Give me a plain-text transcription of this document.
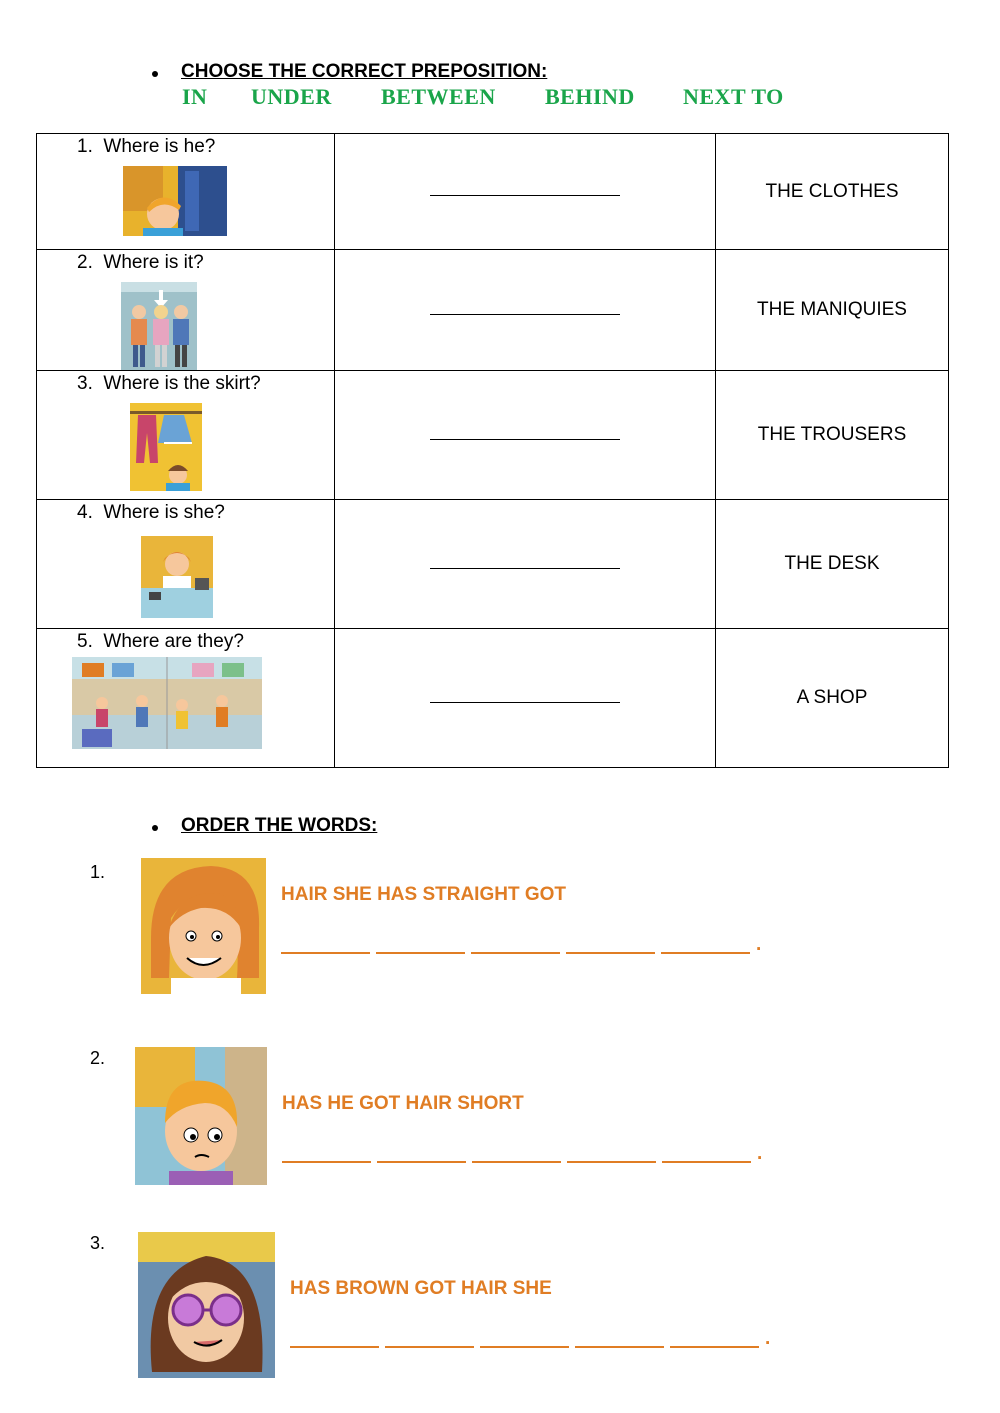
CHOOSE THE CORRECT PREPOSITION:
IN UNDER BETWEEN BEHIND NEXT TO
1. Where is he?		THE CLOTHES

2. Where is it?		THE MANIQUIES

3. Where is the skirt?		THE TROUSERS

4. Where is she?		THE DESK

5. Where are they?		A SHOP
ORDER THE WORDS:
1.
HAIR SHE HAS STRAIGHT GOT
.
2.
HAS HE GOT HAIR SHORT
.
3.
HAS BROWN GOT HAIR SHE
.
